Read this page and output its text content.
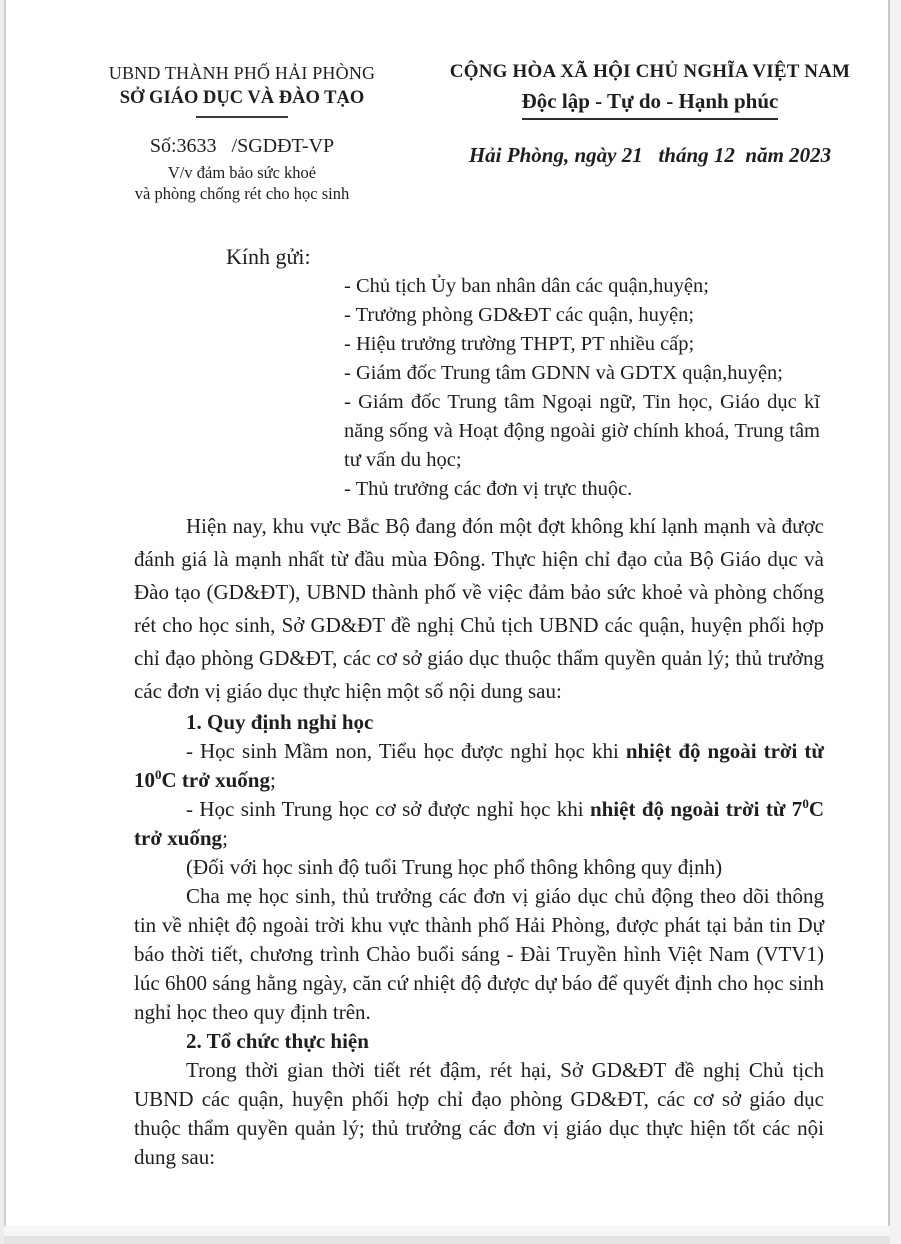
UBND THÀNH PHỐ HẢI PHÒNG
SỞ GIÁO DỤC VÀ ĐÀO TẠO
Số:3633   /SGDĐT-VP
V/v đảm bảo sức khoẻ
và phòng chống rét cho học sinh
CỘNG HÒA XÃ HỘI CHỦ NGHĨA VIỆT NAM
Độc lập - Tự do - Hạnh phúc
Hải Phòng, ngày 21   tháng 12  năm 2023
Kính gửi:
- Chủ tịch Ủy ban nhân dân các quận,huyện;
- Trưởng phòng GD&ĐT các quận, huyện;
- Hiệu trưởng trường THPT, PT nhiều cấp;
- Giám đốc Trung tâm GDNN và GDTX quận,huyện;
- Giám đốc Trung tâm Ngoại ngữ, Tin học, Giáo dục kĩ năng sống và Hoạt động ngoài giờ chính khoá, Trung tâm tư vấn du học;
- Thủ trưởng các đơn vị trực thuộc.

Hiện nay, khu vực Bắc Bộ đang đón một đợt không khí lạnh mạnh và được đánh giá là mạnh nhất từ đầu mùa Đông. Thực hiện chỉ đạo của Bộ Giáo dục và Đào tạo (GD&ĐT), UBND thành phố về việc đảm bảo sức khoẻ và phòng chống rét cho học sinh, Sở GD&ĐT đề nghị Chủ tịch UBND các quận, huyện phối hợp chỉ đạo phòng GD&ĐT, các cơ sở giáo dục thuộc thẩm quyền quản lý; thủ trưởng các đơn vị giáo dục thực hiện một số nội dung sau:

1. Quy định nghỉ học

- Học sinh Mầm non, Tiểu học được nghỉ học khi nhiệt độ ngoài trời từ $10^0C$ trở xuống;

- Học sinh Trung học cơ sở được nghỉ học khi nhiệt độ ngoài trời từ $7^0C$ trở xuống;

(Đối với học sinh độ tuổi Trung học phổ thông không quy định)

Cha mẹ học sinh, thủ trưởng các đơn vị giáo dục chủ động theo dõi thông tin về nhiệt độ ngoài trời khu vực thành phố Hải Phòng, được phát tại bản tin Dự báo thời tiết, chương trình Chào buổi sáng - Đài Truyền hình Việt Nam (VTV1) lúc 6h00 sáng hằng ngày, căn cứ nhiệt độ được dự báo để quyết định cho học sinh nghỉ học theo quy định trên.

2. Tổ chức thực hiện

Trong thời gian thời tiết rét đậm, rét hại, Sở GD&ĐT đề nghị Chủ tịch UBND các quận, huyện phối hợp chỉ đạo phòng GD&ĐT, các cơ sở giáo dục thuộc thẩm quyền quản lý; thủ trưởng các đơn vị giáo dục thực hiện tốt các nội dung sau:
